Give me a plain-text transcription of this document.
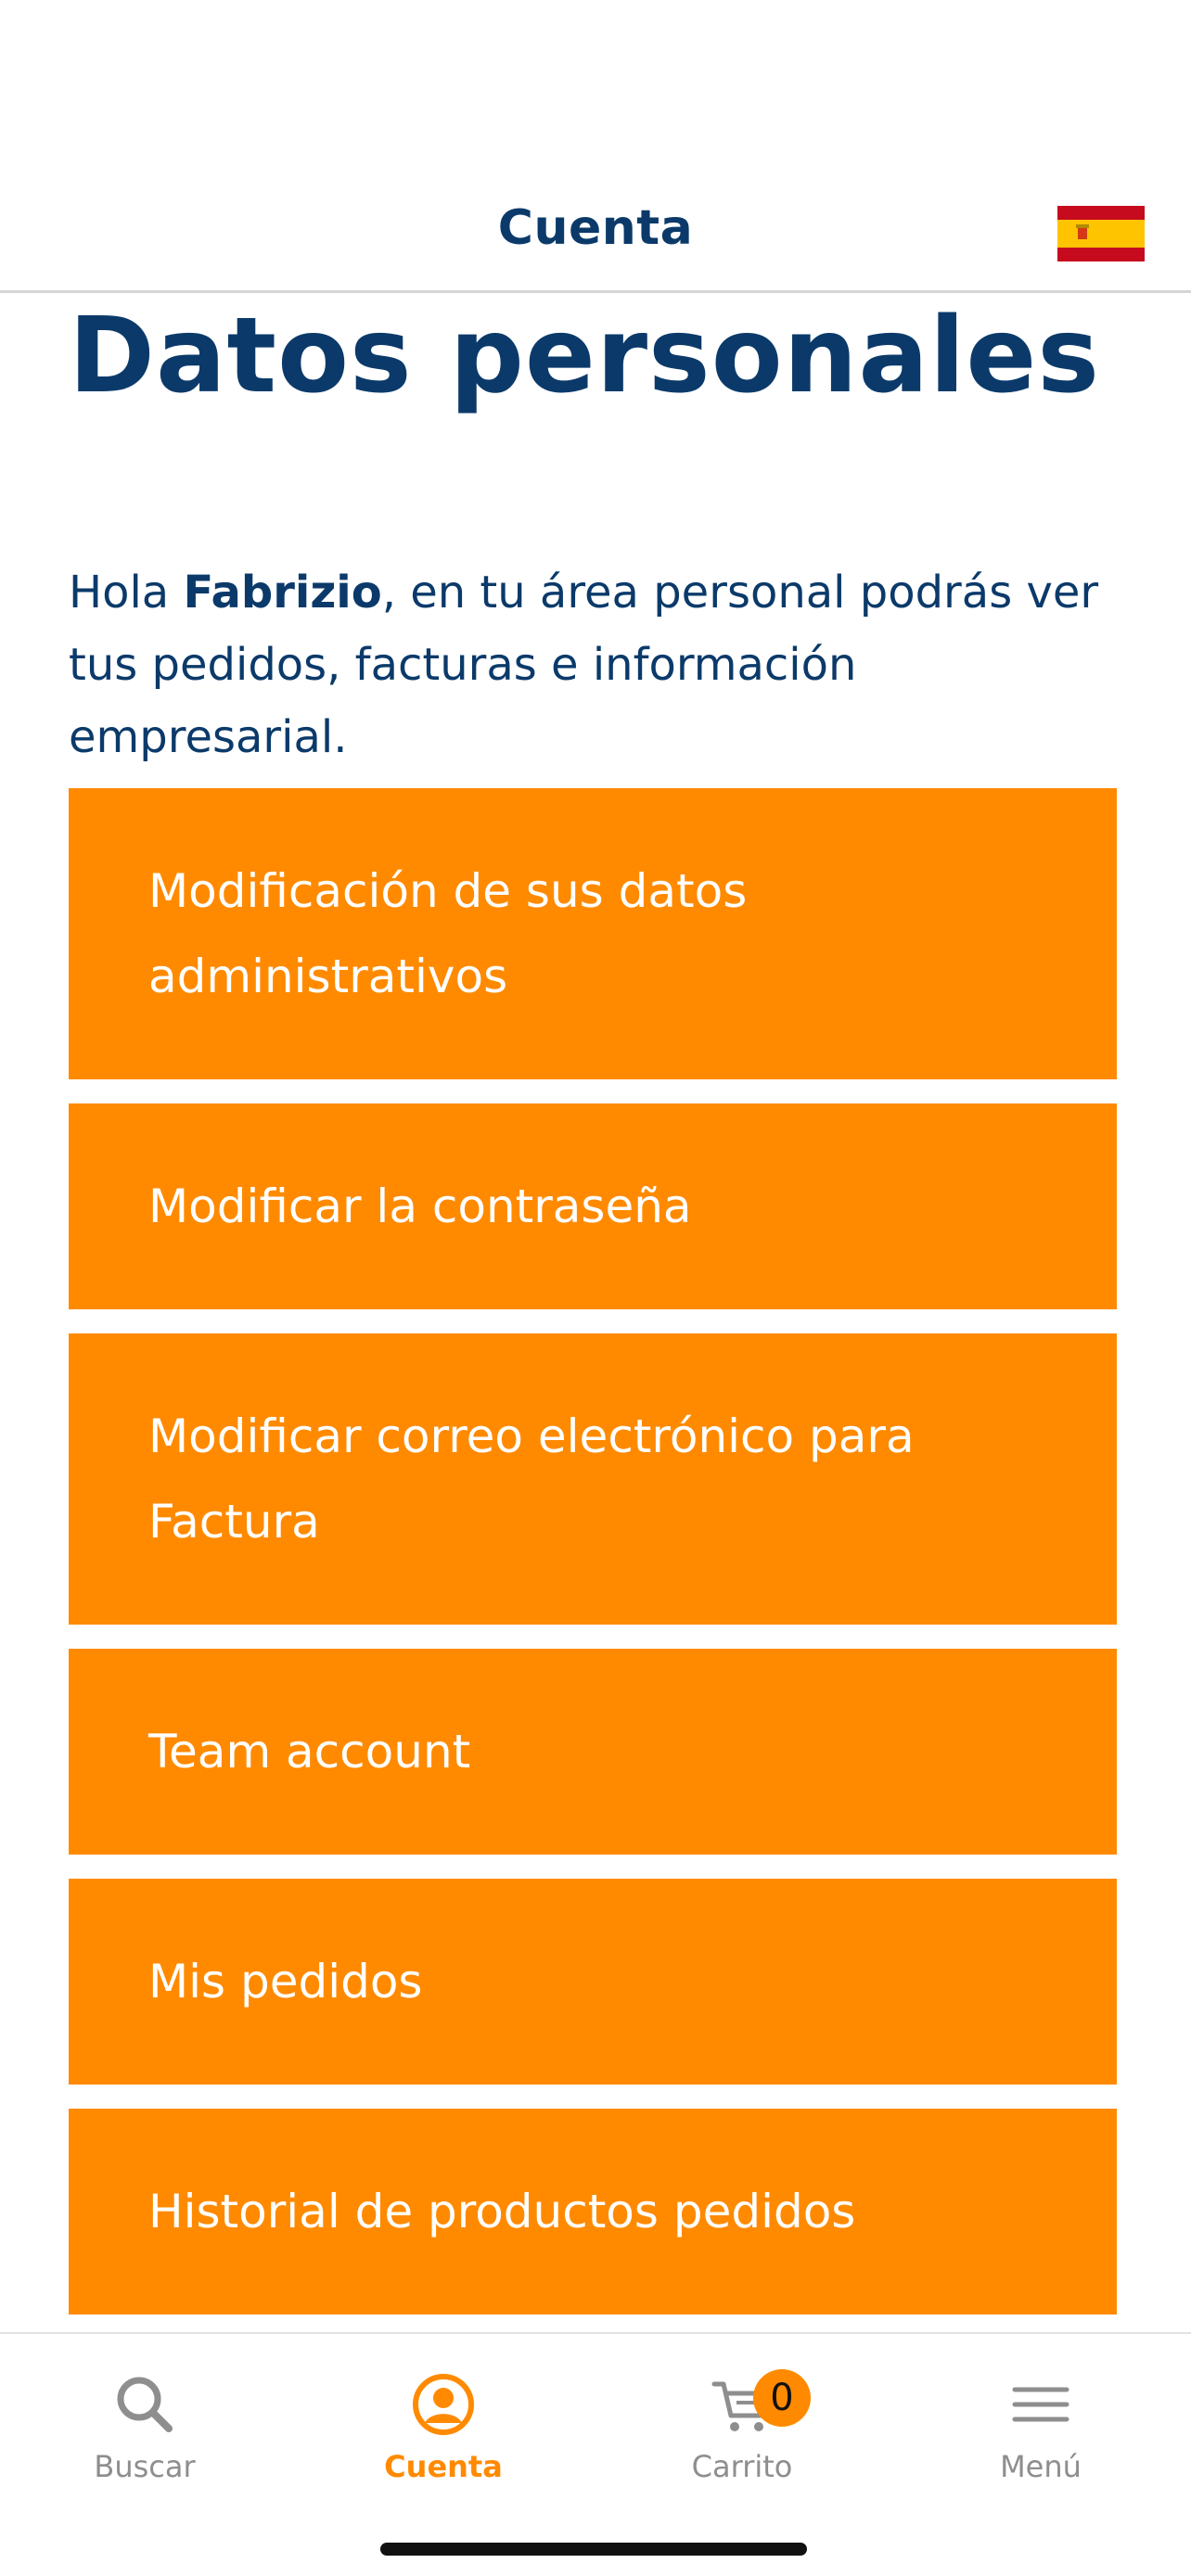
Cuenta
Datos personales

Hola Fabrizio, en tu área personal podrás ver tus pedidos, facturas e información empresarial.

Modificación de sus datos administrativos
Modificar la contraseña
Modificar correo electrónico para Factura
Team account
Mis pedidos
Historial de productos pedidos
Buscar	Cuenta
0
Carrito	Menú
